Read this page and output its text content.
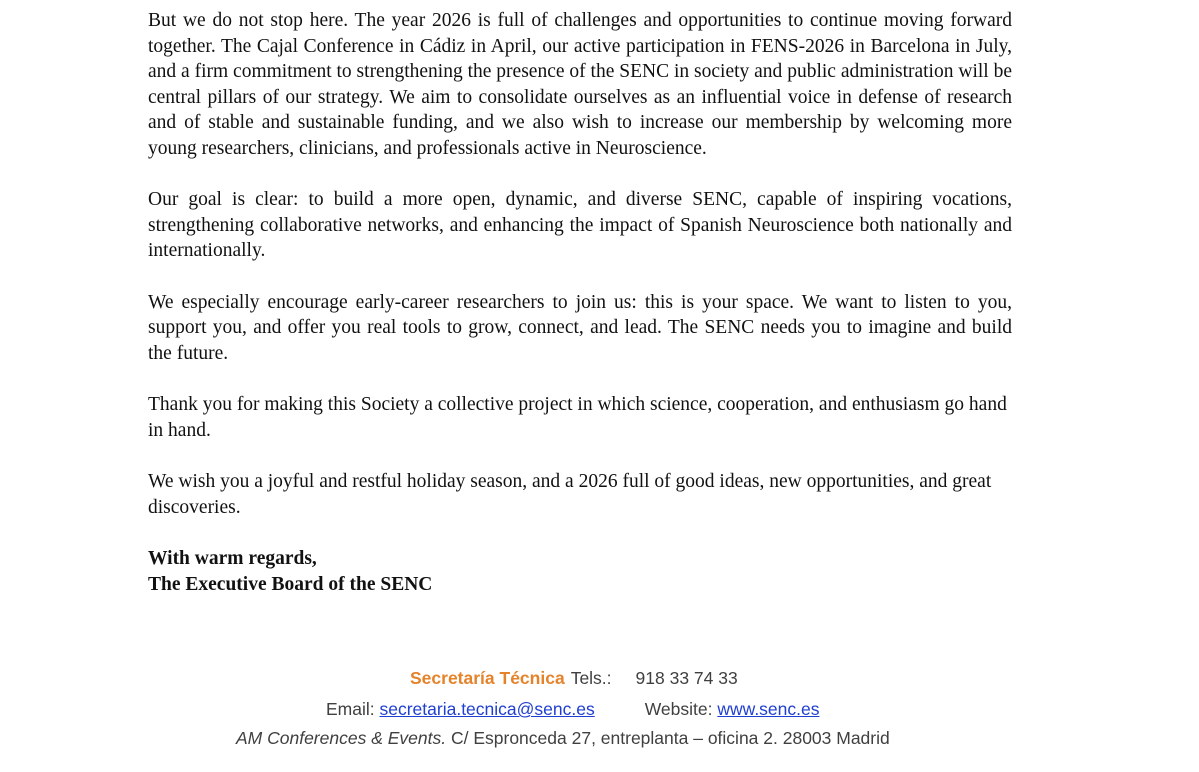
But we do not stop here. The year 2026 is full of challenges and opportunities to continue moving forward together. The Cajal Conference in Cádiz in April, our active participation in FENS-2026 in Barcelona in July, and a firm commitment to strengthening the presence of the SENC in society and public administration will be central pillars of our strategy. We aim to consolidate ourselves as an influential voice in defense of research and of stable and sustainable funding, and we also wish to increase our membership by welcoming more young researchers, clinicians, and professionals active in Neuroscience.

Our goal is clear: to build a more open, dynamic, and diverse SENC, capable of inspiring vocations, strengthening collaborative networks, and enhancing the impact of Spanish Neuroscience both nationally and internationally.

We especially encourage early-career researchers to join us: this is your space. We want to listen to you, support you, and offer you real tools to grow, connect, and lead. The SENC needs you to imagine and build the future.

Thank you for making this Society a collective project in which science, cooperation, and enthusiasm go hand in hand.

We wish you a joyful and restful holiday season, and a 2026 full of good ideas, new opportunities, and great discoveries.

With warm regards,
The Executive Board of the SENC
Secretaría Técnica Tels.: 918 33 74 33
Email: secretaria.tecnica@senc.es	Website: www.senc.es
AM Conferences & Events. C/ Espronceda 27, entreplanta – oficina 2. 28003 Madrid
